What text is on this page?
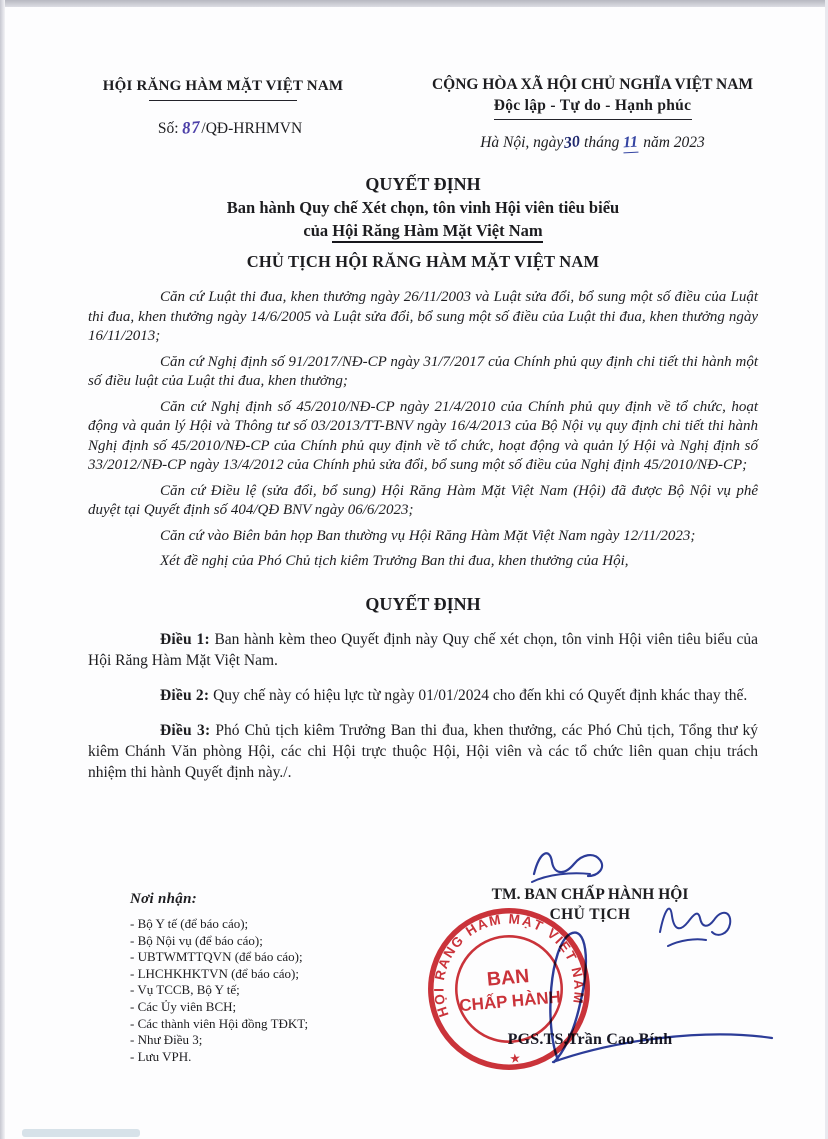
HỘI RĂNG HÀM MẶT VIỆT NAM
Số: 87/QĐ-HRHMVN
CỘNG HÒA XÃ HỘI CHỦ NGHĨA VIỆT NAM
Độc lập - Tự do - Hạnh phúc
Hà Nội, ngày 30 tháng 11 năm 2023

QUYẾT ĐỊNH

Ban hành Quy chế Xét chọn, tôn vinh Hội viên tiêu biểu

của Hội Răng Hàm Mặt Việt Nam

CHỦ TỊCH HỘI RĂNG HÀM MẶT VIỆT NAM

Căn cứ Luật thi đua, khen thưởng ngày 26/11/2003 và Luật sửa đổi, bổ sung một số điều của Luật thi đua, khen thưởng ngày 14/6/2005 và Luật sửa đổi, bổ sung một số điều của Luật thi đua, khen thưởng ngày 16/11/2013;

Căn cứ Nghị định số 91/2017/NĐ-CP ngày 31/7/2017 của Chính phủ quy định chi tiết thi hành một số điều luật của Luật thi đua, khen thưởng;

Căn cứ Nghị định số 45/2010/NĐ-CP ngày 21/4/2010 của Chính phủ quy định về tổ chức, hoạt động và quản lý Hội và Thông tư số 03/2013/TT-BNV ngày 16/4/2013 của Bộ Nội vụ quy định chi tiết thi hành Nghị định số 45/2010/NĐ-CP của Chính phủ quy định về tổ chức, hoạt động và quản lý Hội và Nghị định số 33/2012/NĐ-CP ngày 13/4/2012 của Chính phủ sửa đổi, bổ sung một số điều của Nghị định 45/2010/NĐ-CP;

Căn cứ Điều lệ (sửa đổi, bổ sung) Hội Răng Hàm Mặt Việt Nam (Hội) đã được Bộ Nội vụ phê duyệt tại Quyết định số 404/QĐ BNV ngày 06/6/2023;

Căn cứ vào Biên bản họp Ban thường vụ Hội Răng Hàm Mặt Việt Nam ngày 12/11/2023;

Xét đề nghị của Phó Chủ tịch kiêm Trưởng Ban thi đua, khen thưởng của Hội,

QUYẾT ĐỊNH

Điều 1: Ban hành kèm theo Quyết định này Quy chế xét chọn, tôn vinh Hội viên tiêu biểu của Hội Răng Hàm Mặt Việt Nam.

Điều 2: Quy chế này có hiệu lực từ ngày 01/01/2024 cho đến khi có Quyết định khác thay thế.

Điều 3: Phó Chủ tịch kiêm Trưởng Ban thi đua, khen thưởng, các Phó Chủ tịch, Tổng thư ký kiêm Chánh Văn phòng Hội, các chi Hội trực thuộc Hội, Hội viên và các tổ chức liên quan chịu trách nhiệm thi hành Quyết định này./.

Nơi nhận:
- Bộ Y tế (để báo cáo);
- Bộ Nội vụ (để báo cáo);
- UBTWMTTQVN (để báo cáo);
- LHCHKHKTVN (để báo cáo);
- Vụ TCCB, Bộ Y tế;
- Các Ủy viên BCH;
- Các thành viên Hội đồng TĐKT;
- Như Điều 3;
- Lưu VPH.
TM. BAN CHẤP HÀNH HỘI
CHỦ TỊCH
PGS.TS.Trần Cao Bính
HỘI RĂNG HÀM MẶT VIỆT NAM
★
BAN
CHẤP HÀNH
